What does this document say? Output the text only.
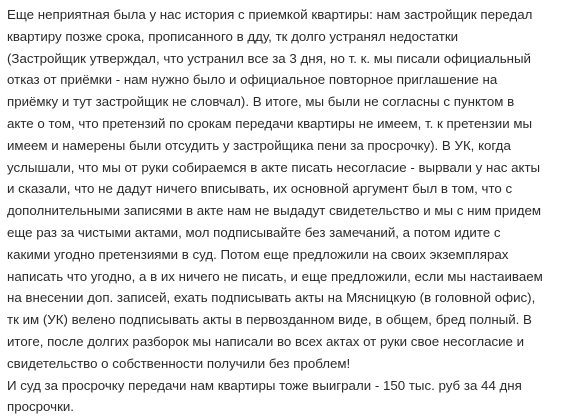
Еще неприятная была у нас история с приемкой квартиры: нам застройщик передал
квартиру позже срока, прописанного в дду, тк долго устранял недостатки
(Застройщик утверждал, что устранил все за 3 дня, но т. к. мы писали официальный
отказ от приёмки - нам нужно было и официальное повторное приглашение на
приёмку и тут застройщик не словчал). В итоге, мы были не согласны с пунктом в
акте о том, что претензий по срокам передачи квартиры не имеем, т. к претензии мы
имеем и намерены были отсудить у застройщика пени за просрочку). В УК, когда
услышали, что мы от руки собираемся в акте писать несогласие - вырвали у нас акты
и сказали, что не дадут ничего вписывать, их основной аргумент был в том, что с
дополнительными записями в акте нам не выдадут свидетельство и мы с ним придем
еще раз за чистыми актами, мол подписывайте без замечаний, а потом идите с
какими угодно претензиями в суд. Потом еще предложили на своих экземплярах
написать что угодно, а в их ничего не писать, и еще предложили, если мы настаиваем
на внесении доп. записей, ехать подписывать акты на Мясницкую (в головной офис),
тк им (УК) велено подписывать акты в первозданном виде, в общем, бред полный. В
итоге, после долгих разборок мы написали во всех актах от руки свое несогласие и
свидетельство о собственности получили без проблем!

И суд за просрочку передачи нам квартиры тоже выиграли - 150 тыс. руб за 44 дня
просрочки.
